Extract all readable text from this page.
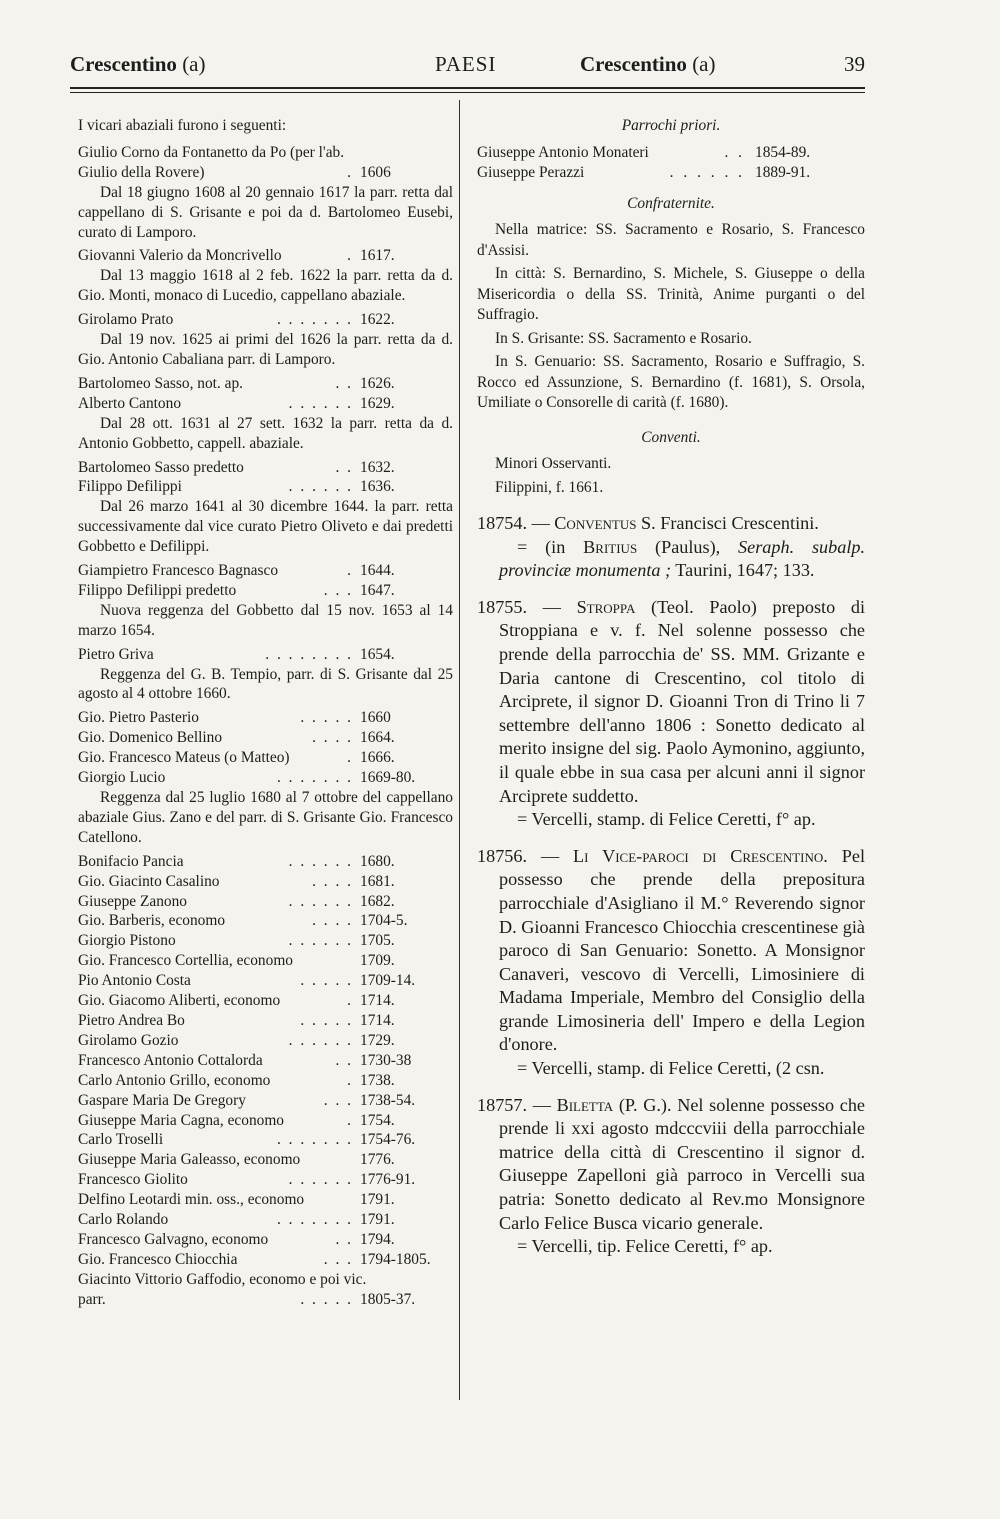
Crescentino (a)	PAESI	Crescentino (a)	39
I vicari abaziali furono i seguenti:
Giulio Corno da Fontanetto da Po (per l'ab. Giulio della Rovere)	. 1606
Dal 18 giugno 1608 al 20 gennaio 1617 la parr. retta dal cappellano di S. Grisante e poi da d. Bartolomeo Eusebi, curato di Lamporo.
Giovanni Valerio da Moncrivello	. 1617.
Dal 13 maggio 1618 al 2 feb. 1622 la parr. retta da d. Gio. Monti, monaco di Lucedio, cappellano abaziale.
Girolamo Prato	. . . . . . . 1622.
Dal 19 nov. 1625 ai primi del 1626 la parr. retta da d. Gio. Antonio Cabaliana parr. di Lamporo.
Bartolomeo Sasso, not. ap.	. . 1626.
Alberto Cantono	. . . . . . 1629.
Dal 28 ott. 1631 al 27 sett. 1632 la parr. retta da d. Antonio Gobbetto, cappell. abaziale.
Bartolomeo Sasso predetto	. . 1632.
Filippo Defilippi	. . . . . . 1636.
Dal 26 marzo 1641 al 30 dicembre 1644. la parr. retta successivamente dal vice curato Pietro Oliveto e dai predetti Gobbetto e Defilippi.
Giampietro Francesco Bagnasco	. 1644.
Filippo Defilippi predetto	. . . 1647.
Nuova reggenza del Gobbetto dal 15 nov. 1653 al 14 marzo 1654.
Pietro Griva	. . . . . . . . 1654.
Reggenza del G. B. Tempio, parr. di S. Grisante dal 25 agosto al 4 ottobre 1660.
Gio. Pietro Pasterio	. . . . . 1660
Gio. Domenico Bellino	. . . . 1664.
Gio. Francesco Mateus (o Matteo)	. 1666.
Giorgio Lucio	. . . . . . . 1669-80.
Reggenza dal 25 luglio 1680 al 7 ottobre del cappellano abaziale Gius. Zano e del parr. di S. Grisante Gio. Francesco Catellono.
Bonifacio Pancia	. . . . . . 1680.
Gio. Giacinto Casalino	. . . . 1681.
Giuseppe Zanono	. . . . . . 1682.
Gio. Barberis, economo	. . . . 1704-5.
Giorgio Pistono	. . . . . . 1705.
Gio. Francesco Cortellia, economo	1709.
Pio Antonio Costa	. . . . . 1709-14.
Gio. Giacomo Aliberti, economo	. 1714.
Pietro Andrea Bo	. . . . . 1714.
Girolamo Gozio	. . . . . . 1729.
Francesco Antonio Cottalorda	. . 1730-38
Carlo Antonio Grillo, economo	. 1738.
Gaspare Maria De Gregory	. . . 1738-54.
Giuseppe Maria Cagna, economo	. 1754.
Carlo Troselli	. . . . . . . 1754-76.
Giuseppe Maria Galeasso, economo	1776.
Francesco Giolito	. . . . . . 1776-91.
Delfino Leotardi min. oss., economo	1791.
Carlo Rolando	. . . . . . . 1791.
Francesco Galvagno, economo	. . 1794.
Gio. Francesco Chiocchia	. . . 1794-1805.
Giacinto Vittorio Gaffodio, economo e poi vic. parr.	. . . . . 1805-37.
Parrochi priori.
Giuseppe Antonio Monateri	. . 1854-89.
Giuseppe Perazzi	. . . . . . 1889-91.
Confraternite.
Nella matrice: SS. Sacramento e Rosario, S. Francesco d'Assisi.
In città: S. Bernardino, S. Michele, S. Giuseppe o della Misericordia o della SS. Trinità, Anime purganti o del Suffragio.
In S. Grisante: SS. Sacramento e Rosario.
In S. Genuario: SS. Sacramento, Rosario e Suffragio, S. Rocco ed Assunzione, S. Bernardino (f. 1681), S. Orsola, Umiliate o Consorelle di carità (f. 1680).
Conventi.
Minori Osservanti.
Filippini, f. 1661.
18754. — Conventus S. Francisci Crescentini.
= (in Britius (Paulus), Seraph. subalp. provinciæ monumenta ; Taurini, 1647; 133.
18755. — Stroppa (Teol. Paolo) preposto di Stroppiana e v. f. Nel solenne possesso che prende della parrocchia de' SS. MM. Grizante e Daria cantone di Crescentino, col titolo di Arciprete, il signor D. Gioanni Tron di Trino li 7 settembre dell'anno 1806 : Sonetto dedicato al merito insigne del sig. Paolo Aymonino, aggiunto, il quale ebbe in sua casa per alcuni anni il signor Arciprete suddetto.
= Vercelli, stamp. di Felice Ceretti, f° ap.
18756. — Li Vice-paroci di Crescentino. Pel possesso che prende della prepositura parrocchiale d'Asigliano il M.° Reverendo signor D. Gioanni Francesco Chiocchia crescentinese già paroco di San Genuario: Sonetto. A Monsignor Canaveri, vescovo di Vercelli, Limosiniere di Madama Imperiale, Membro del Consiglio della grande Limosineria dell' Impero e della Legion d'onore.
= Vercelli, stamp. di Felice Ceretti, (2 csn.
18757. — Biletta (P. G.). Nel solenne possesso che prende li xxi agosto mdcccviii della parrocchiale matrice della città di Crescentino il signor d. Giuseppe Zapelloni già parroco in Vercelli sua patria: Sonetto dedicato al Rev.mo Monsignore Carlo Felice Busca vicario generale.
= Vercelli, tip. Felice Ceretti, f° ap.
